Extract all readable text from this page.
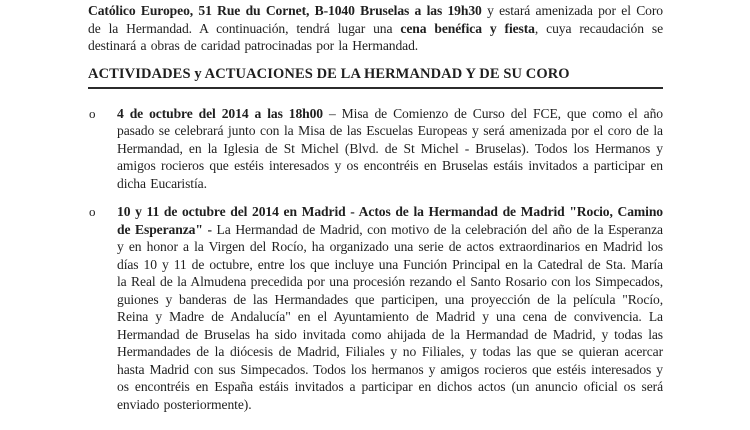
Católico Europeo, 51 Rue du Cornet, B-1040 Bruselas a las 19h30 y estará amenizada por el Coro de la Hermandad. A continuación, tendrá lugar una cena benéfica y fiesta, cuya recaudación se destinará a obras de caridad patrocinadas por la Hermandad.

ACTIVIDADES y ACTUACIONES DE LA HERMANDAD Y DE SU CORO
o 4 de octubre del 2014 a las 18h00 – Misa de Comienzo de Curso del FCE, que como el año pasado se celebrará junto con la Misa de las Escuelas Europeas y será amenizada por el coro de la Hermandad, en la Iglesia de St Michel (Blvd. de St Michel - Bruselas). Todos los Hermanos y amigos rocieros que estéis interesados y os encontréis en Bruselas estáis invitados a participar en dicha Eucaristía.
o 10 y 11 de octubre del 2014 en Madrid - Actos de la Hermandad de Madrid "Rocio, Camino de Esperanza" - La Hermandad de Madrid, con motivo de la celebración del año de la Esperanza y en honor a la Virgen del Rocío, ha organizado una serie de actos extraordinarios en Madrid los días 10 y 11 de octubre, entre los que incluye una Función Principal en la Catedral de Sta. María la Real de la Almudena precedida por una procesión rezando el Santo Rosario con los Simpecados, guiones y banderas de las Hermandades que participen, una proyección de la película "Rocío, Reina y Madre de Andalucía" en el Ayuntamiento de Madrid y una cena de convivencia. La Hermandad de Bruselas ha sido invitada como ahijada de la Hermandad de Madrid, y todas las Hermandades de la diócesis de Madrid, Filiales y no Filiales, y todas las que se quieran acercar hasta Madrid con sus Simpecados. Todos los hermanos y amigos rocieros que estéis interesados y os encontréis en España estáis invitados a participar en dichos actos (un anuncio oficial os será enviado posteriormente).
